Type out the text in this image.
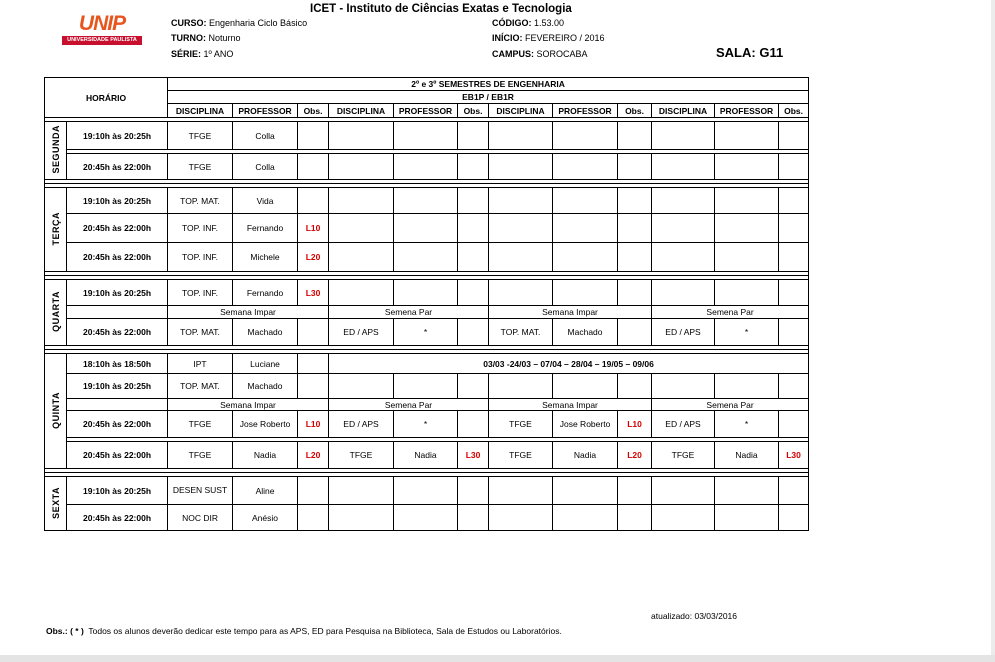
ICET - Instituto de Ciências Exatas e Tecnologia
UNIP
UNIVERSIDADE PAULISTA
CURSO: Engenharia Ciclo Básico
TURNO: Noturno
SÉRIE: 1º ANO
CÓDIGO: 1.53.00
INÍCIO: FEVEREIRO / 2016
CAMPUS: SOROCABA	SALA: G11
HORÁRIO		2º e 3º SEMESTRES DE ENGENHARIA											
		EB1P / EB1R											
		DISCIPLINA	PROFESSOR	Obs.	DISCIPLINA	PROFESSOR	Obs.	DISCIPLINA	PROFESSOR	Obs.	DISCIPLINA	PROFESSOR	Obs.

SEGUNDA	19:10h às 20:25h	TFGE	Colla										

	20:45h às 22:00h	TFGE	Colla										

TERÇA	19:10h às 20:25h	TOP. MAT.	Vida										
	20:45h às 22:00h	TOP. INF.	Fernando	L10									
	20:45h às 22:00h	TOP. INF.	Michele	L20									

QUARTA	19:10h às 20:25h	TOP. INF.	Fernando	L30									
		Semana Impar			Semena Par			Semana Impar			Semena Par		
	20:45h às 22:00h	TOP. MAT.	Machado		ED / APS	*		TOP. MAT.	Machado		ED / APS	*	

QUINTA	18:10h às 18:50h	IPT	Luciane		03/03 -24/03 – 07/04 – 28/04 – 19/05 – 09/06								
	19:10h às 20:25h	TOP. MAT.	Machado										
		Semana Impar			Semena Par			Semana Impar			Semena Par		
	20:45h às 22:00h	TFGE	Jose Roberto	L10	ED / APS	*		TFGE	Jose Roberto	L10	ED / APS	*	

	20:45h às 22:00h	TFGE	Nadia	L20	TFGE	Nadia	L30	TFGE	Nadia	L20	TFGE	Nadia	L30

SEXTA	19:10h às 20:25h	DESEN SUST	Aline										
	20:45h às 22:00h	NOC DIR	Anésio										
atualizado: 03/03/2016
Obs.: ( * ) Todos os alunos deverão dedicar este tempo para as APS, ED para Pesquisa na Biblioteca, Sala de Estudos ou Laboratórios.
